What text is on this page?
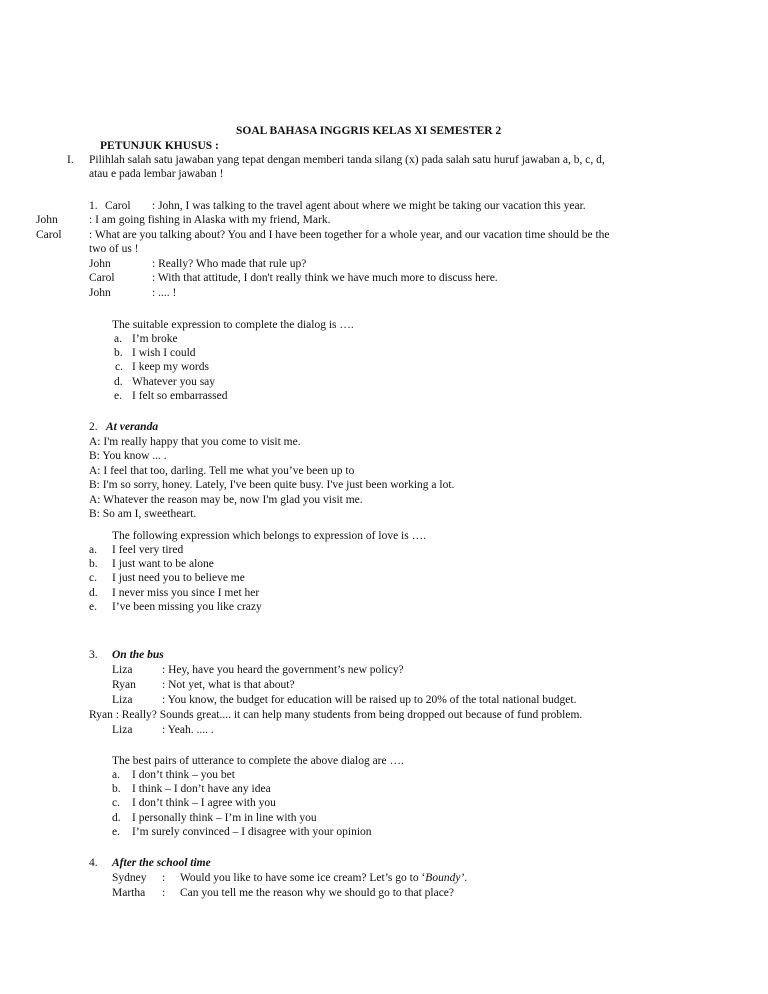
SOAL BAHASA INGGRIS KELAS XI SEMESTER 2
PETUNJUK KHUSUS :
I. Pilihlah salah satu jawaban yang tepat dengan memberi tanda silang (x) pada salah satu huruf jawaban a, b, c, d,
atau e pada lembar jawaban !
1. Carol : John, I was talking to the travel agent about where we might be taking our vacation this year.
John	: I am going fishing in Alaska with my friend, Mark.
Carol : What are you talking about? You and I have been together for a whole year, and our vacation time should be the
two of us !
John	: Really? Who made that rule up?
Carol	: With that attitude, I don't really think we have much more to discuss here.
John	: .... !
The suitable expression to complete the dialog is ….
a. I’m broke
b. I wish I could
c. I keep my words
d. Whatever you say
e. I felt so embarrassed
2. At veranda
A: I'm really happy that you come to visit me.
B: You know ... .
A: I feel that too, darling. Tell me what you’ve been up to
B: I'm so sorry, honey. Lately, I've been quite busy. I've just been working a lot.
A: Whatever the reason may be, now I'm glad you visit me.
B: So am I, sweetheart.
The following expression which belongs to expression of love is ….
a. I feel very tired
b. I just want to be alone
c. I just need you to believe me
d. I never miss you since I met her
e. I’ve been missing you like crazy
3. On the bus
Liza	: Hey, have you heard the government’s new policy?
Ryan : Not yet, what is that about?
Liza	: You know, the budget for education will be raised up to 20% of the total national budget.
Ryan : Really? Sounds great.... it can help many students from being dropped out because of fund problem.
Liza	: Yeah. .... .
The best pairs of utterance to complete the above dialog are ….
a. I don’t think – you bet
b. I think – I don’t have any idea
c. I don’t think – I agree with you
d. I personally think – I’m in line with you
e. I’m surely convinced – I disagree with your opinion
4. After the school time
Sydney : Would you like to have some ice cream? Let’s go to ‘Boundy’.
Martha : Can you tell me the reason why we should go to that place?
